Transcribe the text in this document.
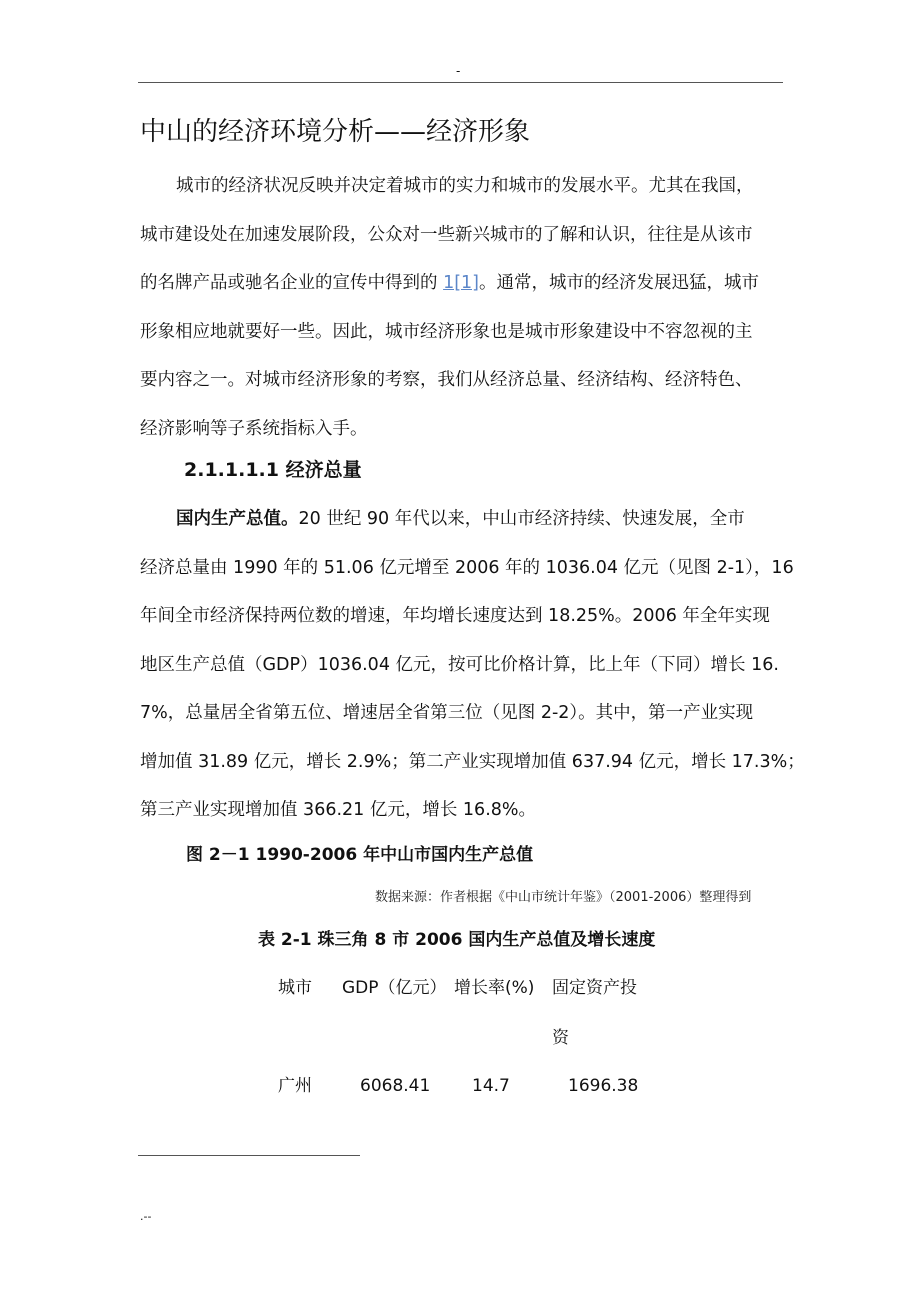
-
中山的经济环境分析——经济形象
城市的经济状况反映并决定着城市的实力和城市的发展水平。尤其在我国，
城市建设处在加速发展阶段，公众对一些新兴城市的了解和认识，往往是从该市
的名牌产品或驰名企业的宣传中得到的 1[1]。通常，城市的经济发展迅猛，城市
形象相应地就要好一些。因此，城市经济形象也是城市形象建设中不容忽视的主
要内容之一。对城市经济形象的考察，我们从经济总量、经济结构、经济特色、
经济影响等子系统指标入手。
2.1.1.1.1 经济总量
国内生产总值。20 世纪 90 年代以来，中山市经济持续、快速发展，全市
经济总量由 1990 年的 51.06 亿元增至 2006 年的 1036.04 亿元（见图 2-1），16
年间全市经济保持两位数的增速，年均增长速度达到 18.25%。2006 年全年实现
地区生产总值（GDP）1036.04 亿元，按可比价格计算，比上年（下同）增长 16.
7%，总量居全省第五位、增速居全省第三位（见图 2-2）。其中，第一产业实现
增加值 31.89 亿元，增长 2.9%；第二产业实现增加值 637.94 亿元，增长 17.3%；
第三产业实现增加值 366.21 亿元，增长 16.8%。
图 2－1 1990-2006 年中山市国内生产总值
数据来源：作者根据《中山市统计年鉴》（2001-2006）整理得到
表 2-1 珠三角 8 市 2006 国内生产总值及增长速度
城市 GDP（亿元） 增长率(%) 固定资产投
资
广州	6068.41 14.7	1696.38
.--
